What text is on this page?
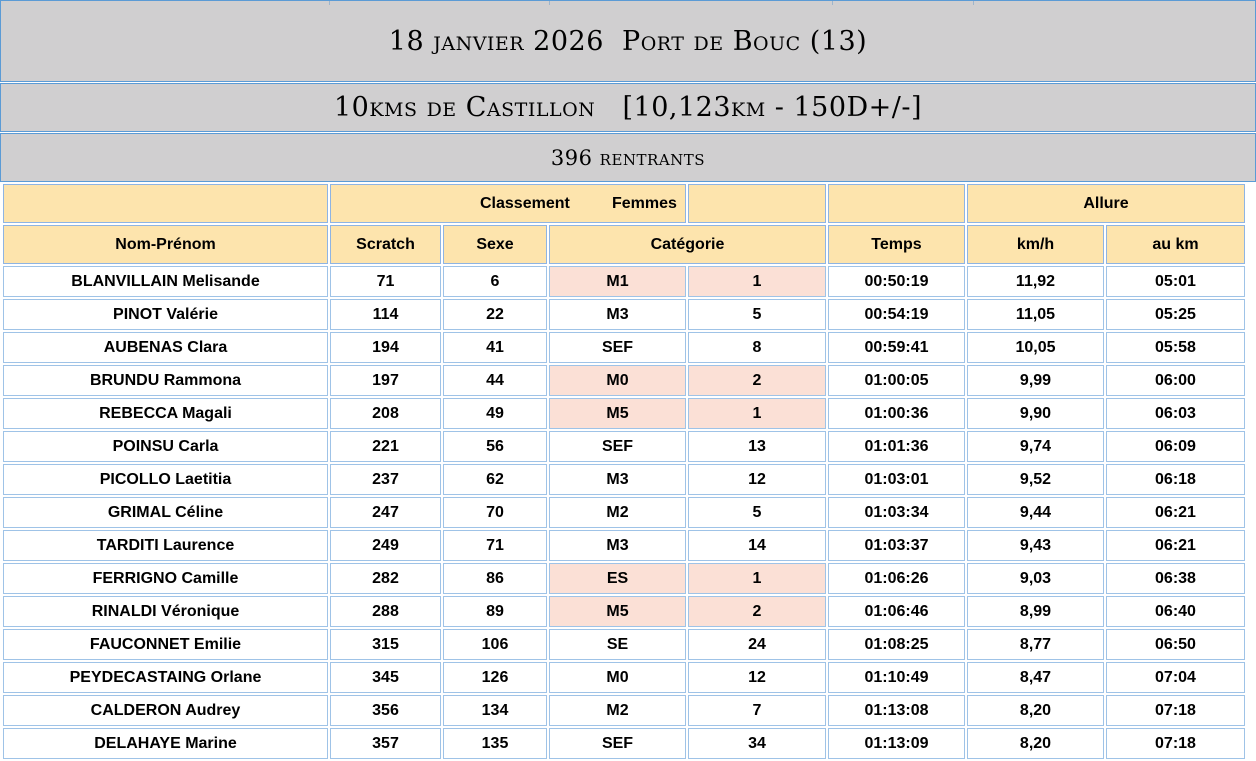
18 janvier 2026  Port de Bouc (13)
10kms de Castillon   [10,123km - 150D+/-]
396 rentrants

	Classement Femmes					Allure	
Nom-Prénom	Scratch	Sexe	Catégorie		Temps	km/h	au km
BLANVILLAIN Melisande	71	6	M1	1	00:50:19	11,92	05:01
PINOT Valérie	114	22	M3	5	00:54:19	11,05	05:25
AUBENAS Clara	194	41	SEF	8	00:59:41	10,05	05:58
BRUNDU Rammona	197	44	M0	2	01:00:05	9,99	06:00
REBECCA Magali	208	49	M5	1	01:00:36	9,90	06:03
POINSU Carla	221	56	SEF	13	01:01:36	9,74	06:09
PICOLLO Laetitia	237	62	M3	12	01:03:01	9,52	06:18
GRIMAL Céline	247	70	M2	5	01:03:34	9,44	06:21
TARDITI Laurence	249	71	M3	14	01:03:37	9,43	06:21
FERRIGNO Camille	282	86	ES	1	01:06:26	9,03	06:38
RINALDI Véronique	288	89	M5	2	01:06:46	8,99	06:40
FAUCONNET Emilie	315	106	SE	24	01:08:25	8,77	06:50
PEYDECASTAING Orlane	345	126	M0	12	01:10:49	8,47	07:04
CALDERON Audrey	356	134	M2	7	01:13:08	8,20	07:18
DELAHAYE Marine	357	135	SEF	34	01:13:09	8,20	07:18
